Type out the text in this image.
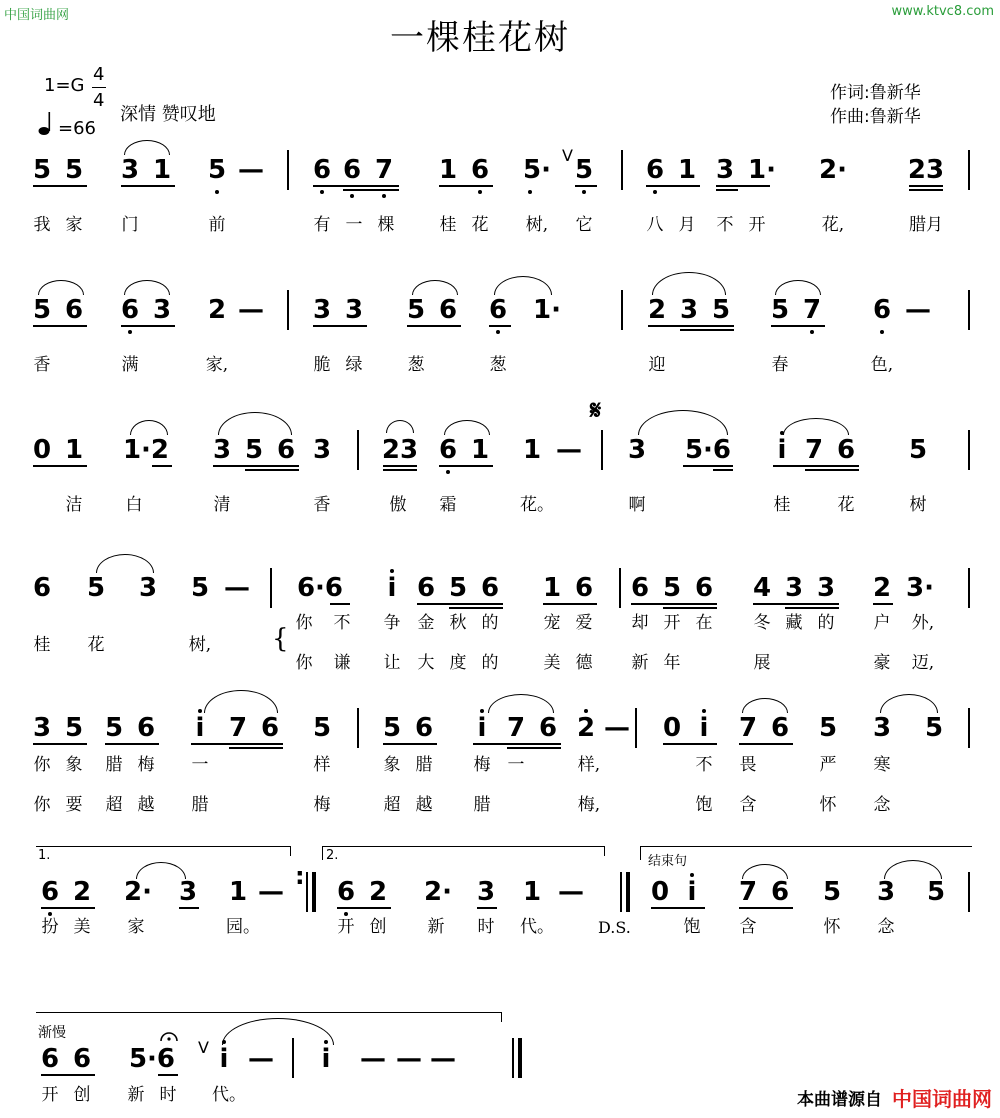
中国词曲网	www.ktvc8.com
一棵桂花树
1=G
4
4
深情 赞叹地
=66
作词:鲁新华
作曲:鲁新华
5 5 3 1 5 — 6 6 7 1 6 5· V 5 6 1 3 1· 2· 23
我 家 门	前	有 一 棵	桂 花	树,	它	八 月 不 开	花,	腊月
5 6 6 3 2 — 3 3 5 6 6 1·	2 3 5 5 7 6 —
香	满	家,	脆 绿	葱	葱	迎	春	色,
0 1 1·2 3 5 6 3 23 6 1 1 —
𝄋
3 5·6 i 7 6 5
洁	白	清	香	傲 霜	花。	啊	桂	花	树
6 5 3 5 — 6·6 i 6 5 6 1 6 6 5 6 4 3 3 2 3·
桂 花	树, {
你 不 争 金 秋 的	宠 爱 却 开 在 冬 藏 的 户 外,
你 谦 让 大 度 的	美 德 新 年	展	豪 迈,
3 5 5 6 i 7 6 5 5 6 i 7 6 2 — 0 i 7 6 5 3 5
你 象 腊 梅 一	样	象 腊 梅 一	样,	不 畏	严 寒
你 要 超 越 腊	梅	超 越 腊	梅,	饱 含	怀 念
1.	2.	结束句
6 2 2· 3 1 —
:
6 2 2· 3 1 —	0 i 7 6 5 3 5
扮 美 家	园。	开 创 新 时 代。	D.S.	饱 含	怀 念
渐慢
6 6 5·6	V i — i — — —
开 创 新 时 代。	本曲谱源自 中国词曲网
